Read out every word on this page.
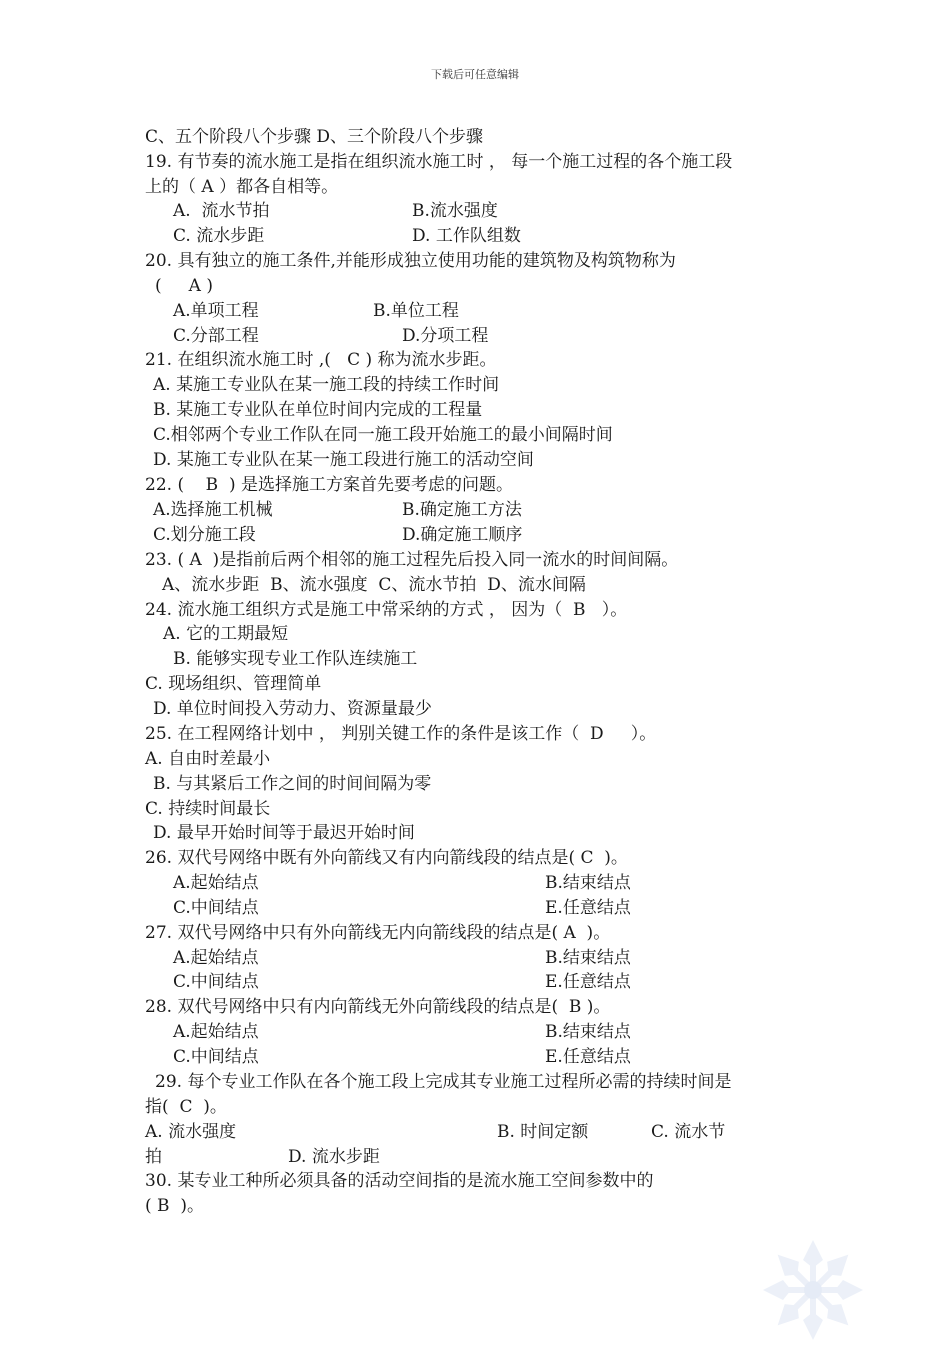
下载后可任意编辑
C、五个阶段八个步骤 D、三个阶段八个步骤
19. 有节奏的流水施工是指在组织流水施工时 ， 每一个施工过程的各个施工段
上的（ A ）都各自相等。
A.  流水节拍	B.流水强度
C. 流水步距	D. 工作队组数
20. 具有独立的施工条件,并能形成独立使用功能的建筑物及构筑物称为
(     A )
A.单项工程	B.单位工程
C.分部工程	D.分项工程
21. 在组织流水施工时 ,(   C ) 称为流水步距。
A. 某施工专业队在某一施工段的持续工作时间
B. 某施工专业队在单位时间内完成的工程量
C.相邻两个专业工作队在同一施工段开始施工的最小间隔时间
D. 某施工专业队在某一施工段进行施工的活动空间
22. (    B  ) 是选择施工方案首先要考虑的问题。
A.选择施工机械	B.确定施工方法
C.划分施工段	D.确定施工顺序
23. ( A  )是指前后两个相邻的施工过程先后投入同一流水的时间间隔。
A、流水步距  B、流水强度  C、流水节拍  D、流水间隔
24. 流水施工组织方式是施工中常采纳的方式 ， 因为（  B   ）。
A. 它的工期最短
B. 能够实现专业工作队连续施工
C. 现场组织、管理简单
D. 单位时间投入劳动力、资源量最少
25. 在工程网络计划中 ， 判别关键工作的条件是该工作（  D     ）。
A. 自由时差最小
B. 与其紧后工作之间的时间间隔为零
C. 持续时间最长
D. 最早开始时间等于最迟开始时间
26. 双代号网络中既有外向箭线又有内向箭线段的结点是( C  )。
A.起始结点	B.结束结点
C.中间结点	E.任意结点
27. 双代号网络中只有外向箭线无内向箭线段的结点是( A  )。
A.起始结点	B.结束结点
C.中间结点	E.任意结点
28. 双代号网络中只有内向箭线无外向箭线段的结点是(  B )。
A.起始结点	B.结束结点
C.中间结点	E.任意结点
29. 每个专业工作队在各个施工段上完成其专业施工过程所必需的持续时间是
指(  C  )。
A. 流水强度	B. 时间定额	C. 流水节
拍	D. 流水步距
30. 某专业工种所必须具备的活动空间指的是流水施工空间参数中的
( B  )。
